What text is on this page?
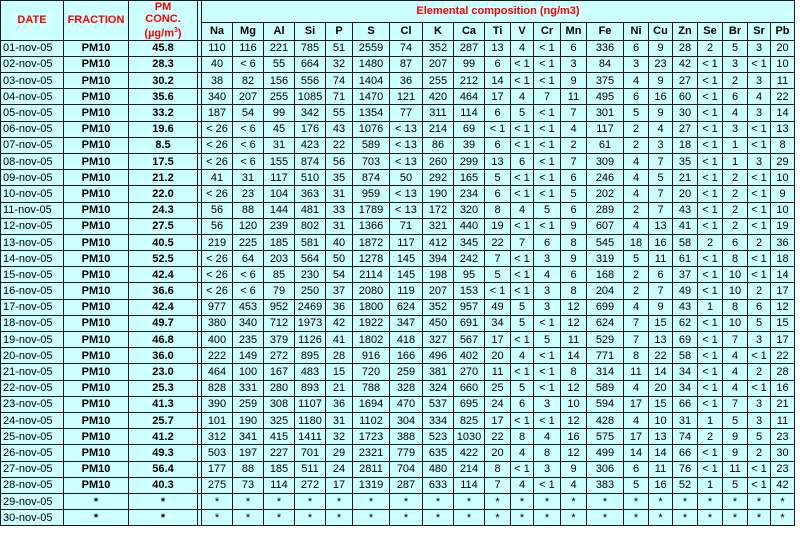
DATE	FRACTION	PM
CONC.
$(\mu g/m^3)$		Elemental composition (ng/m3)																				
				Na	Mg	Al	Si	P	S	Cl	K	Ca	Ti	V	Cr	Mn	Fe	Ni	Cu	Zn	Se	Br	Sr	Pb
01-nov-05	PM10	45.8		110	116	221	785	51	2559	74	352	287	13	4	< 1	6	336	6	9	28	2	5	3	20
02-nov-05	PM10	28.3		40	< 6	55	664	32	1480	87	207	99	6	< 1	< 1	3	84	3	23	42	< 1	3	< 1	10
03-nov-05	PM10	30.2		38	82	156	556	74	1404	36	255	212	14	< 1	< 1	9	375	4	9	27	< 1	2	3	11
04-nov-05	PM10	35.6		340	207	255	1085	71	1470	121	420	464	17	4	7	11	495	6	16	60	< 1	6	4	22
05-nov-05	PM10	33.2		187	54	99	342	55	1354	77	311	114	6	5	< 1	7	301	5	9	30	< 1	4	3	14
06-nov-05	PM10	19.6		< 26	< 6	45	176	43	1076	< 13	214	69	< 1	< 1	< 1	4	117	2	4	27	< 1	3	< 1	13
07-nov-05	PM10	8.5		< 26	< 6	31	423	22	589	< 13	86	39	6	< 1	< 1	2	61	2	3	18	< 1	1	< 1	8
08-nov-05	PM10	17.5		< 26	< 6	155	874	56	703	< 13	260	299	13	6	< 1	7	309	4	7	35	< 1	1	3	29
09-nov-05	PM10	21.2		41	31	117	510	35	874	50	292	165	5	< 1	< 1	6	246	4	5	21	< 1	2	< 1	10
10-nov-05	PM10	22.0		< 26	23	104	363	31	959	< 13	190	234	6	< 1	< 1	5	202	4	7	20	< 1	2	< 1	9
11-nov-05	PM10	24.3		56	88	144	481	33	1789	< 13	172	320	8	4	5	6	289	2	7	43	< 1	2	< 1	10
12-nov-05	PM10	27.5		56	120	239	802	31	1366	71	321	440	19	< 1	< 1	9	607	4	13	41	< 1	2	< 1	19
13-nov-05	PM10	40.5		219	225	185	581	40	1872	117	412	345	22	7	6	8	545	18	16	58	2	6	2	36
14-nov-05	PM10	52.5		< 26	64	203	564	50	1278	145	394	242	7	< 1	3	9	319	5	11	61	< 1	8	< 1	18
15-nov-05	PM10	42.4		< 26	< 6	85	230	54	2114	145	198	95	5	< 1	4	6	168	2	6	37	< 1	10	< 1	14
16-nov-05	PM10	36.6		< 26	< 6	79	250	37	2080	119	207	153	< 1	< 1	3	8	204	2	7	49	< 1	10	2	17
17-nov-05	PM10	42.4		977	453	952	2469	36	1800	624	352	957	49	5	3	12	699	4	9	43	1	8	6	12
18-nov-05	PM10	49.7		380	340	712	1973	42	1922	347	450	691	34	5	< 1	12	624	7	15	62	< 1	10	5	15
19-nov-05	PM10	46.8		400	235	379	1126	41	1802	418	327	567	17	< 1	5	11	529	7	13	69	< 1	7	3	17
20-nov-05	PM10	36.0		222	149	272	895	28	916	166	496	402	20	4	< 1	14	771	8	22	58	< 1	4	< 1	22
21-nov-05	PM10	23.0		464	100	167	483	15	720	259	381	270	11	< 1	< 1	8	314	11	14	34	< 1	4	2	28
22-nov-05	PM10	25.3		828	331	280	893	21	788	328	324	660	25	5	< 1	12	589	4	20	34	< 1	4	< 1	16
23-nov-05	PM10	41.3		390	259	308	1107	36	1694	470	537	695	24	6	3	10	594	17	15	66	< 1	7	3	21
24-nov-05	PM10	25.7		101	190	325	1180	31	1102	304	334	825	17	< 1	< 1	12	428	4	10	31	1	5	3	11
25-nov-05	PM10	41.2		312	341	415	1411	32	1723	388	523	1030	22	8	4	16	575	17	13	74	2	9	5	23
26-nov-05	PM10	49.3		503	197	227	701	29	2321	779	635	422	20	4	8	12	499	14	14	66	< 1	9	2	30
27-nov-05	PM10	56.4		177	88	185	511	24	2811	704	480	214	8	< 1	3	9	306	6	11	76	< 1	11	< 1	23
28-nov-05	PM10	40.3		275	73	114	272	17	1319	287	633	114	7	4	< 1	4	383	5	16	52	1	5	< 1	42
29-nov-05	*	*		*	*	*	*	*	*	*	*	*	*	*	*	*	*	*	*	*	*	*	*	*
30-nov-05	*	*		*	*	*	*	*	*	*	*	*	*	*	*	*	*	*	*	*	*	*	*	*
